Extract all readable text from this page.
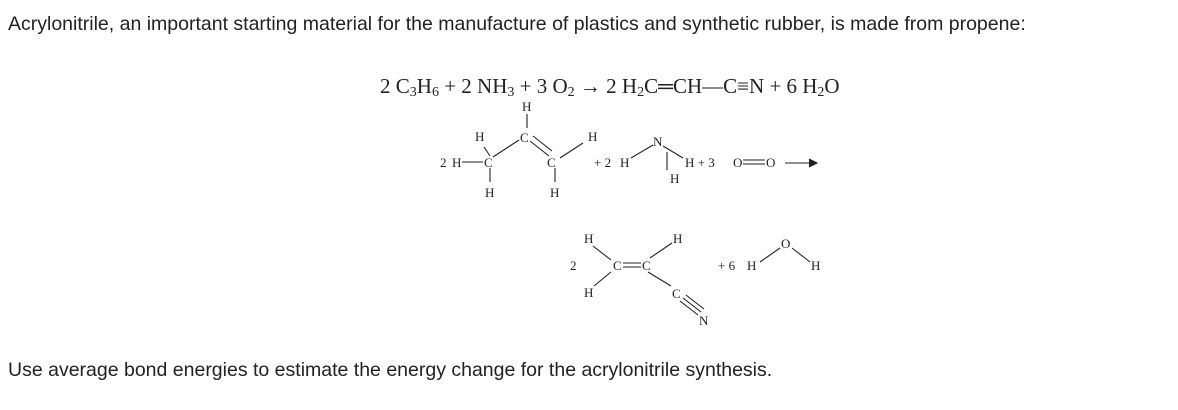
Acrylonitrile, an important starting material for the manufacture of plastics and synthetic rubber, is made from propene:
2 $C_3H_6 + 2$ $NH_3 + 3$ $O_2 \to 2$ $H_2C═CH—C\equiv N + 6$ $H_2O$
H
H	C	H
2 H C
H
C
H
+ 2 H
N
H
H + 3 O O
2
H
C C
H
H
C
N
+ 6 H
O
H
Use average bond energies to estimate the energy change for the acrylonitrile synthesis.
